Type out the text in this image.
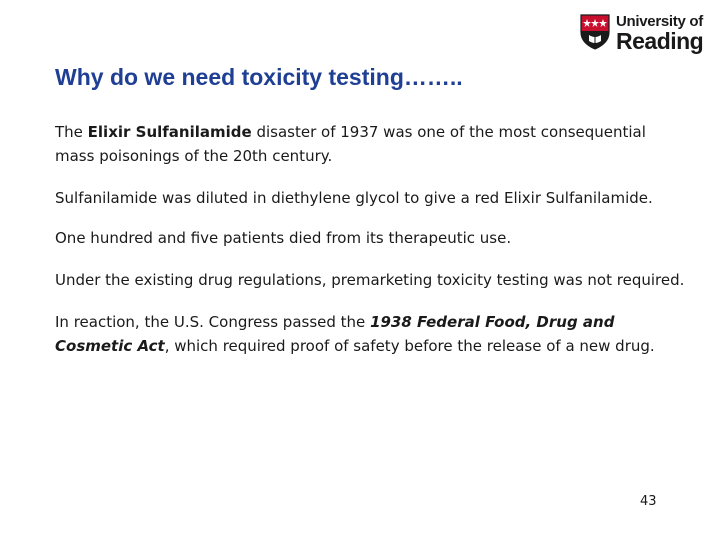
University of
Reading
Why do we need toxicity testing……..

The Elixir Sulfanilamide disaster of 1937 was one of the most consequential mass poisonings of the 20th century.

Sulfanilamide was diluted in diethylene glycol to give a red Elixir Sulfanilamide.

One hundred and five patients died from its therapeutic use.

Under the existing drug regulations, premarketing toxicity testing was not required.

In reaction, the U.S. Congress passed the 1938 Federal Food, Drug and Cosmetic Act, which required proof of safety before the release of a new drug.

43
